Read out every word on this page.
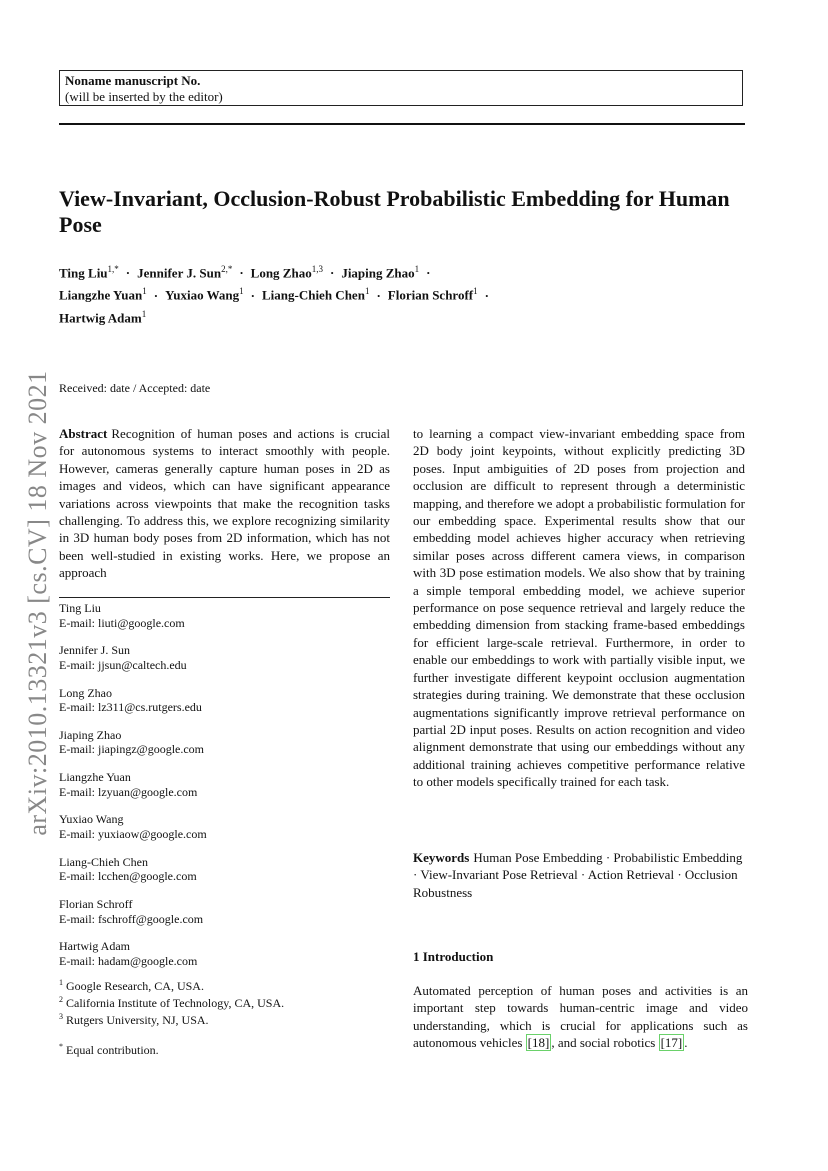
Noname manuscript No.
(will be inserted by the editor)
View-Invariant, Occlusion-Robust Probabilistic Embedding for Human Pose
Ting Liu$^{1,*}$ · Jennifer J. Sun$^{2,*}$ · Long Zhao$^{1,3}$ · Jiaping Zhao$^1$ ·
Liangzhe Yuan$^1$ · Yuxiao Wang$^1$ · Liang-Chieh Chen$^1$ · Florian Schroff$^1$ ·
Hartwig Adam$^1$
Received: date / Accepted: date
Abstract Recognition of human poses and actions is crucial for autonomous systems to interact smoothly with people. However, cameras generally capture human poses in 2D as images and videos, which can have significant appearance variations across viewpoints that make the recognition tasks challenging. To address this, we explore recognizing similarity in 3D human body poses from 2D information, which has not been well-studied in existing works. Here, we propose an approach
to learning a compact view-invariant embedding space from 2D body joint keypoints, without explicitly predicting 3D poses. Input ambiguities of 2D poses from projection and occlusion are difficult to represent through a deterministic mapping, and therefore we adopt a probabilistic formulation for our embedding space. Experimental results show that our embedding model achieves higher accuracy when retrieving similar poses across different camera views, in comparison with 3D pose estimation models. We also show that by training a simple temporal embedding model, we achieve superior performance on pose sequence retrieval and largely reduce the embedding dimension from stacking frame-based embeddings for efficient large-scale retrieval. Furthermore, in order to enable our embeddings to work with partially visible input, we further investigate different keypoint occlusion augmentation strategies during training. We demonstrate that these occlusion augmentations significantly improve retrieval performance on partial 2D input poses. Results on action recognition and video alignment demonstrate that using our embeddings without any additional training achieves competitive performance relative to other models specifically trained for each task.
Ting Liu
E-mail: liuti@google.com
Jennifer J. Sun
E-mail: jjsun@caltech.edu
Long Zhao
E-mail: lz311@cs.rutgers.edu
Jiaping Zhao
E-mail: jiapingz@google.com
Liangzhe Yuan
E-mail: lzyuan@google.com
Yuxiao Wang
E-mail: yuxiaow@google.com
Liang-Chieh Chen
E-mail: lcchen@google.com
Florian Schroff
E-mail: fschroff@google.com
Hartwig Adam
E-mail: hadam@google.com
$^1$ Google Research, CA, USA.
$^2$ California Institute of Technology, CA, USA.
$^3$ Rutgers University, NJ, USA.
* Equal contribution.
Keywords Human Pose Embedding · Probabilistic Embedding · View-Invariant Pose Retrieval · Action Retrieval · Occlusion Robustness
1 Introduction
Automated perception of human poses and activities is an important step towards human-centric image and video understanding, which is crucial for applications such as autonomous vehicles [18] , and social robotics [17] .
arXiv:2010.13321v3 [cs.CV] 18 Nov 2021
